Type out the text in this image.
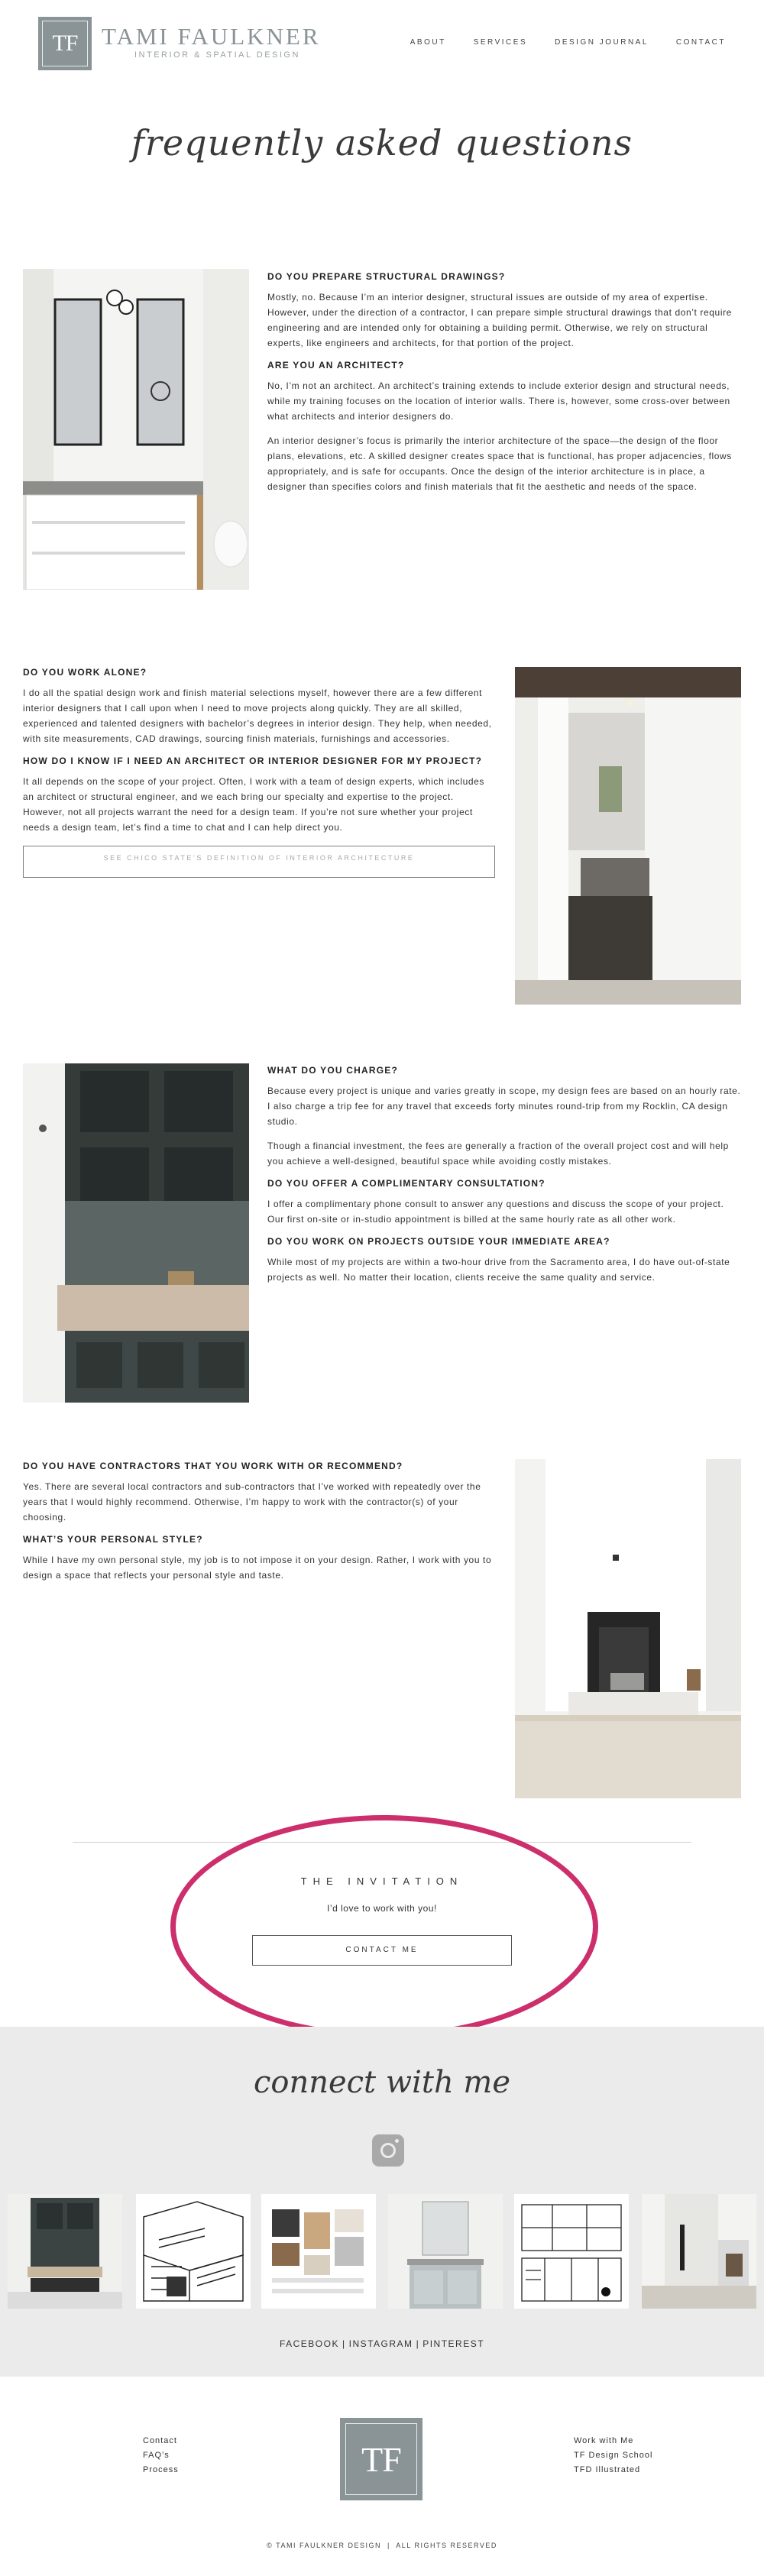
TF TAMI FAULKNER
INTERIOR & SPATIAL DESIGN
ABOUT	SERVICES	DESIGN JOURNAL	CONTACT
frequently asked questions
DO YOU PREPARE STRUCTURAL DRAWINGS?

Mostly, no. Because I’m an interior designer, structural issues are outside of my area of expertise. However, under the direction of a contractor, I can prepare simple structural drawings that don’t require engineering and are intended only for obtaining a building permit. Otherwise, we rely on structural experts, like engineers and architects, for that portion of the project.

ARE YOU AN ARCHITECT?

No, I’m not an architect. An architect’s training extends to include exterior design and structural needs, while my training focuses on the location of interior walls. There is, however, some cross-over between what architects and interior designers do.

An interior designer’s focus is primarily the interior architecture of the space—the design of the floor plans, elevations, etc. A skilled designer creates space that is functional, has proper adjacencies, flows appropriately, and is safe for occupants. Once the design of the interior architecture is in place, a designer than specifies colors and finish materials that fit the aesthetic and needs of the space.

DO YOU WORK ALONE?

I do all the spatial design work and finish material selections myself, however there are a few different interior designers that I call upon when I need to move projects along quickly. They are all skilled, experienced and talented designers with bachelor’s degrees in interior design. They help, when needed, with site measurements, CAD drawings, sourcing finish materials, furnishings and accessories.

HOW DO I KNOW IF I NEED AN ARCHITECT OR INTERIOR DESIGNER FOR MY PROJECT?

It all depends on the scope of your project. Often, I work with a team of design experts, which includes an architect or structural engineer, and we each bring our specialty and expertise to the project. However, not all projects warrant the need for a design team. If you’re not sure whether your project needs a design team, let’s find a time to chat and I can help direct you.

SEE CHICO STATE’S DEFINITION OF INTERIOR ARCHITECTURE
WHAT DO YOU CHARGE?

Because every project is unique and varies greatly in scope, my design fees are based on an hourly rate. I also charge a trip fee for any travel that exceeds forty minutes round-trip from my Rocklin, CA design studio.

Though a financial investment, the fees are generally a fraction of the overall project cost and will help you achieve a well-designed, beautiful space while avoiding costly mistakes.

DO YOU OFFER A COMPLIMENTARY CONSULTATION?

I offer a complimentary phone consult to answer any questions and discuss the scope of your project. Our first on-site or in-studio appointment is billed at the same hourly rate as all other work.

DO YOU WORK ON PROJECTS OUTSIDE YOUR IMMEDIATE AREA?

While most of my projects are within a two-hour drive from the Sacramento area, I do have out-of-state projects as well. No matter their location, clients receive the same quality and service.

DO YOU HAVE CONTRACTORS THAT YOU WORK WITH OR RECOMMEND?

Yes. There are several local contractors and sub-contractors that I’ve worked with repeatedly over the years that I would highly recommend. Otherwise, I’m happy to work with the contractor(s) of your choosing.

WHAT’S YOUR PERSONAL STYLE?

While I have my own personal style, my job is to not impose it on your design. Rather, I work with you to design a space that reflects your personal style and taste.

THE INVITATION
I’d love to work with you!
CONTACT ME
connect with me
FACEBOOK | INSTAGRAM | PINTEREST
Contact
FAQ’s
Process	TF	Work with Me
TF Design School
TFD Illustrated
© TAMI FAULKNER DESIGN  |  ALL RIGHTS RESERVED
